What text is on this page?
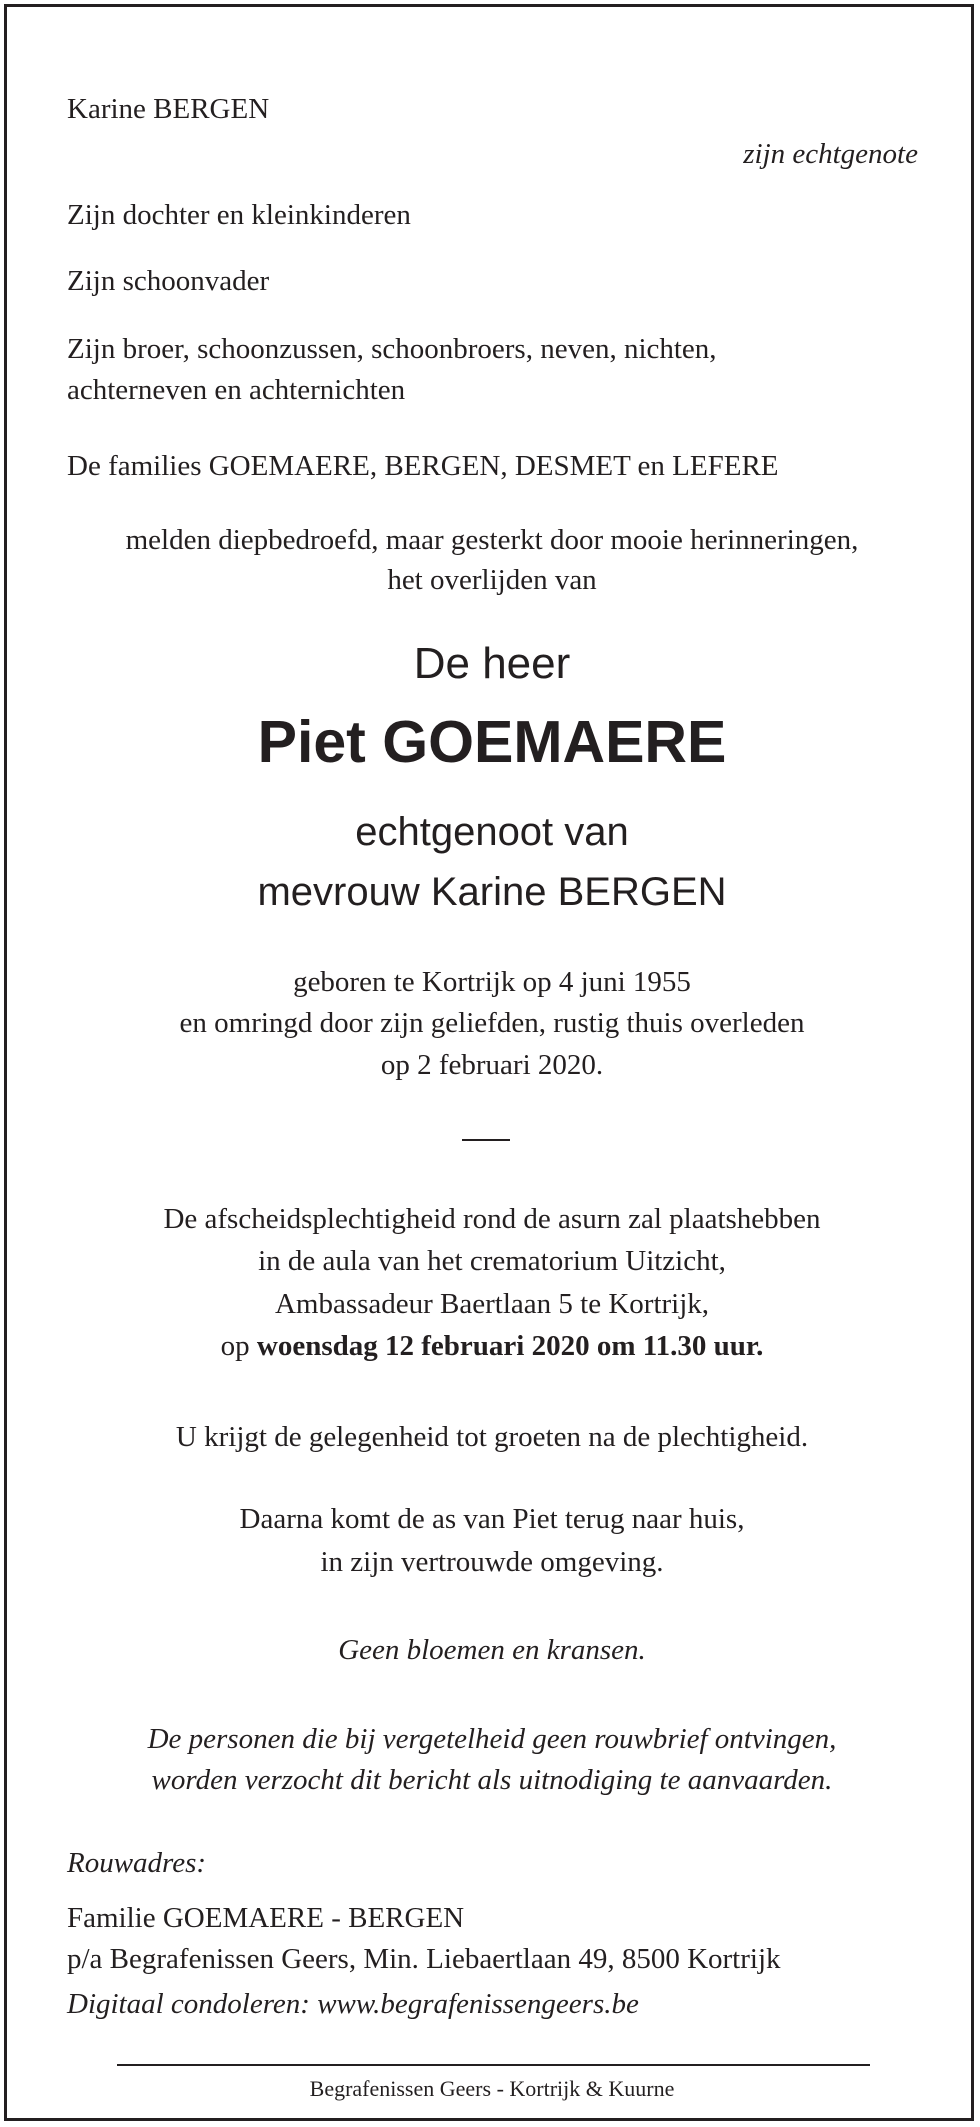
Karine BERGEN

zijn echtgenote

Zijn dochter en kleinkinderen

Zijn schoonvader

Zijn broer, schoonzussen, schoonbroers, neven, nichten,

achterneven en achternichten

De families GOEMAERE, BERGEN, DESMET en LEFERE

melden diepbedroefd, maar gesterkt door mooie herinneringen,

het overlijden van

De heer

Piet GOEMAERE

echtgenoot van

mevrouw Karine BERGEN

geboren te Kortrijk op 4 juni 1955

en omringd door zijn geliefden, rustig thuis overleden

op 2 februari 2020.

De afscheidsplechtigheid rond de asurn zal plaatshebben

in de aula van het crematorium Uitzicht,

Ambassadeur Baertlaan 5 te Kortrijk,

op woensdag 12 februari 2020 om 11.30 uur.

U krijgt de gelegenheid tot groeten na de plechtigheid.

Daarna komt de as van Piet terug naar huis,

in zijn vertrouwde omgeving.

Geen bloemen en kransen.

De personen die bij vergetelheid geen rouwbrief ontvingen,

worden verzocht dit bericht als uitnodiging te aanvaarden.

Rouwadres:

Familie GOEMAERE - BERGEN

p/a Begrafenissen Geers, Min. Liebaertlaan 49, 8500 Kortrijk

Digitaal condoleren: www.begrafenissengeers.be

Begrafenissen Geers - Kortrijk & Kuurne
